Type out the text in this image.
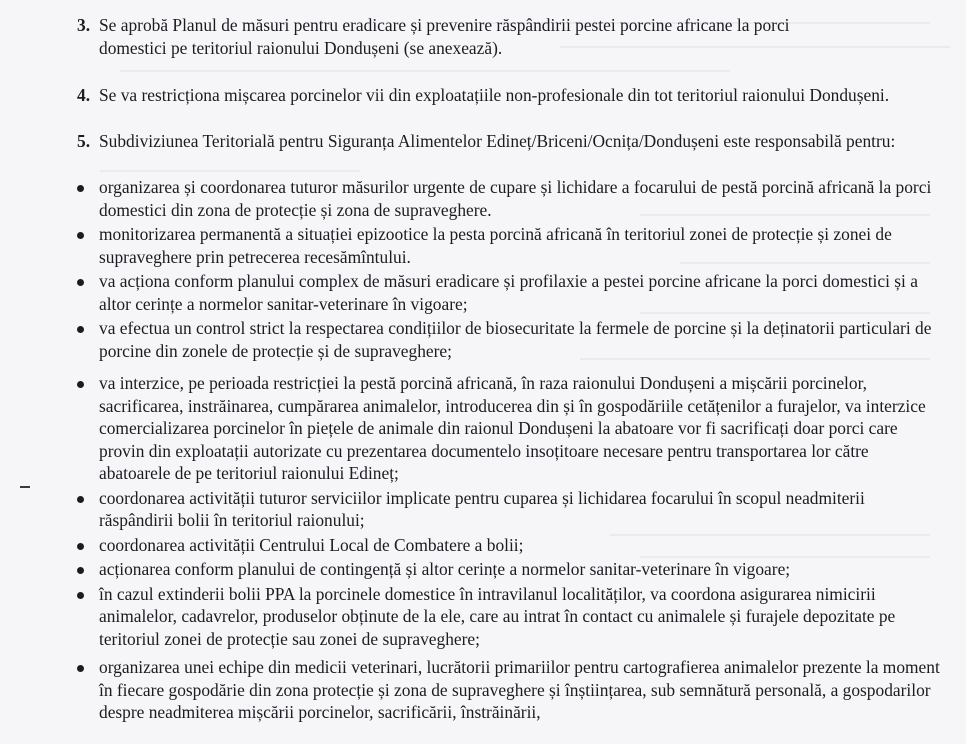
3. Se aprobă Planul de măsuri pentru eradicare și prevenire răspândirii pestei porcine africane la porci domestici pe teritoriul raionului Dondușeni (se anexează).
4. Se va restricționa mișcarea porcinelor vii din exploatațiile non-profesionale din tot teritoriul raionului Dondușeni.
5. Subdiviziunea Teritorială pentru Siguranța Alimentelor Edineț/Briceni/Ocnița/Dondușeni este responsabilă pentru:
organizarea și coordonarea tuturor măsurilor urgente de cupare și lichidare a focarului de pestă porcină africană la porci domestici din zona de protecție și zona de supraveghere.
monitorizarea permanentă a situației epizootice la pesta porcină africană în teritoriul zonei de protecție și zonei de supraveghere prin petrecerea recesămîntului.
va acționa conform planului complex de măsuri eradicare și profilaxie a pestei porcine africane la porci domestici și a altor cerințe a normelor sanitar-veterinare în vigoare;
va efectua un control strict la respectarea condițiilor de biosecuritate la fermele de porcine și la deținatorii particulari de porcine din zonele de protecție și de supraveghere;
va interzice, pe perioada restricției la pestă porcină africană, în raza raionului Dondușeni a mișcării porcinelor, sacrificarea, instrăinarea, cumpărarea animalelor, introducerea din și în gospodăriile cetățenilor a furajelor, va interzice comercializarea porcinelor în piețele de animale din raionul Dondușeni la abatoare vor fi sacrificați doar porci care provin din exploatații autorizate cu prezentarea documentelo insoțitoare necesare pentru transportarea lor către abatoarele de pe teritoriul raionului Edineț;
coordonarea activității tuturor serviciilor implicate pentru cuparea și lichidarea focarului în scopul neadmiterii răspândirii bolii în teritoriul raionului;
coordonarea activității Centrului Local de Combatere a bolii;
acționarea conform planului de contingență și altor cerințe a normelor sanitar-veterinare în vigoare;
în cazul extinderii bolii PPA la porcinele domestice în intravilanul localităților, va coordona asigurarea nimicirii animalelor, cadavrelor, produselor obținute de la ele, care au intrat în contact cu animalele și furajele depozitate pe teritoriul zonei de protecție sau zonei de supraveghere;
organizarea unei echipe din medicii veterinari, lucrătorii primariilor pentru cartografierea animalelor prezente la moment în fiecare gospodărie din zona protecție și zona de supraveghere și înștiințarea, sub semnătură personală, a gospodarilor despre neadmiterea mișcării porcinelor, sacrificării, înstrăinării,
